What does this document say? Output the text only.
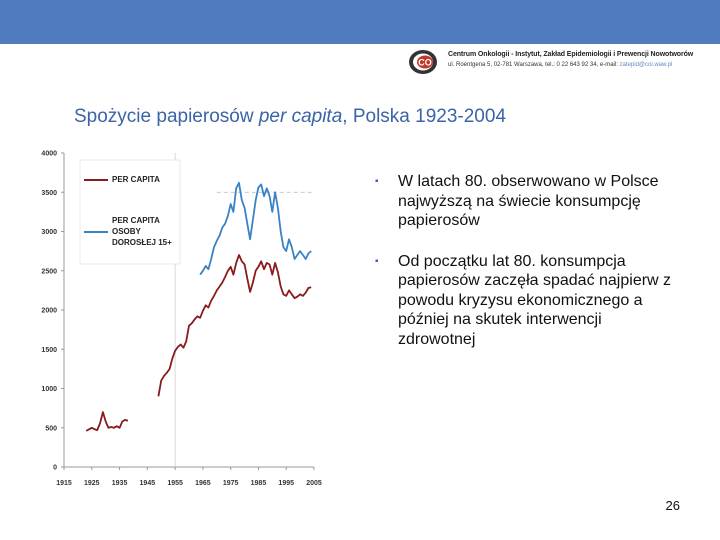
CO
Centrum Onkologii - Instytut, Zakład Epidemiologii i Prewencji Nowotworów
ul. Roentgena 5, 02-781 Warszawa, tel.: 0 22 643 92 34, e-mail: zatepid@coi.waw.pl
Spożycie papierosów per capita, Polska 1923-2004
0
500
1000
1500
2000
2500
3000
3500
4000
1915 1925 1935 1945 1955 1965 1975 1985 1995 2005
PER CAPITA
PER CAPITA OSOBY DOROSŁEJ 15+
▪ W latach 80. obserwowano w Polsce najwyższą na świecie konsumpcję papierosów
▪ Od początku lat 80. konsumpcja papierosów zaczęła spadać najpierw z powodu kryzysu ekonomicznego a później na skutek interwencji zdrowotnej
26
